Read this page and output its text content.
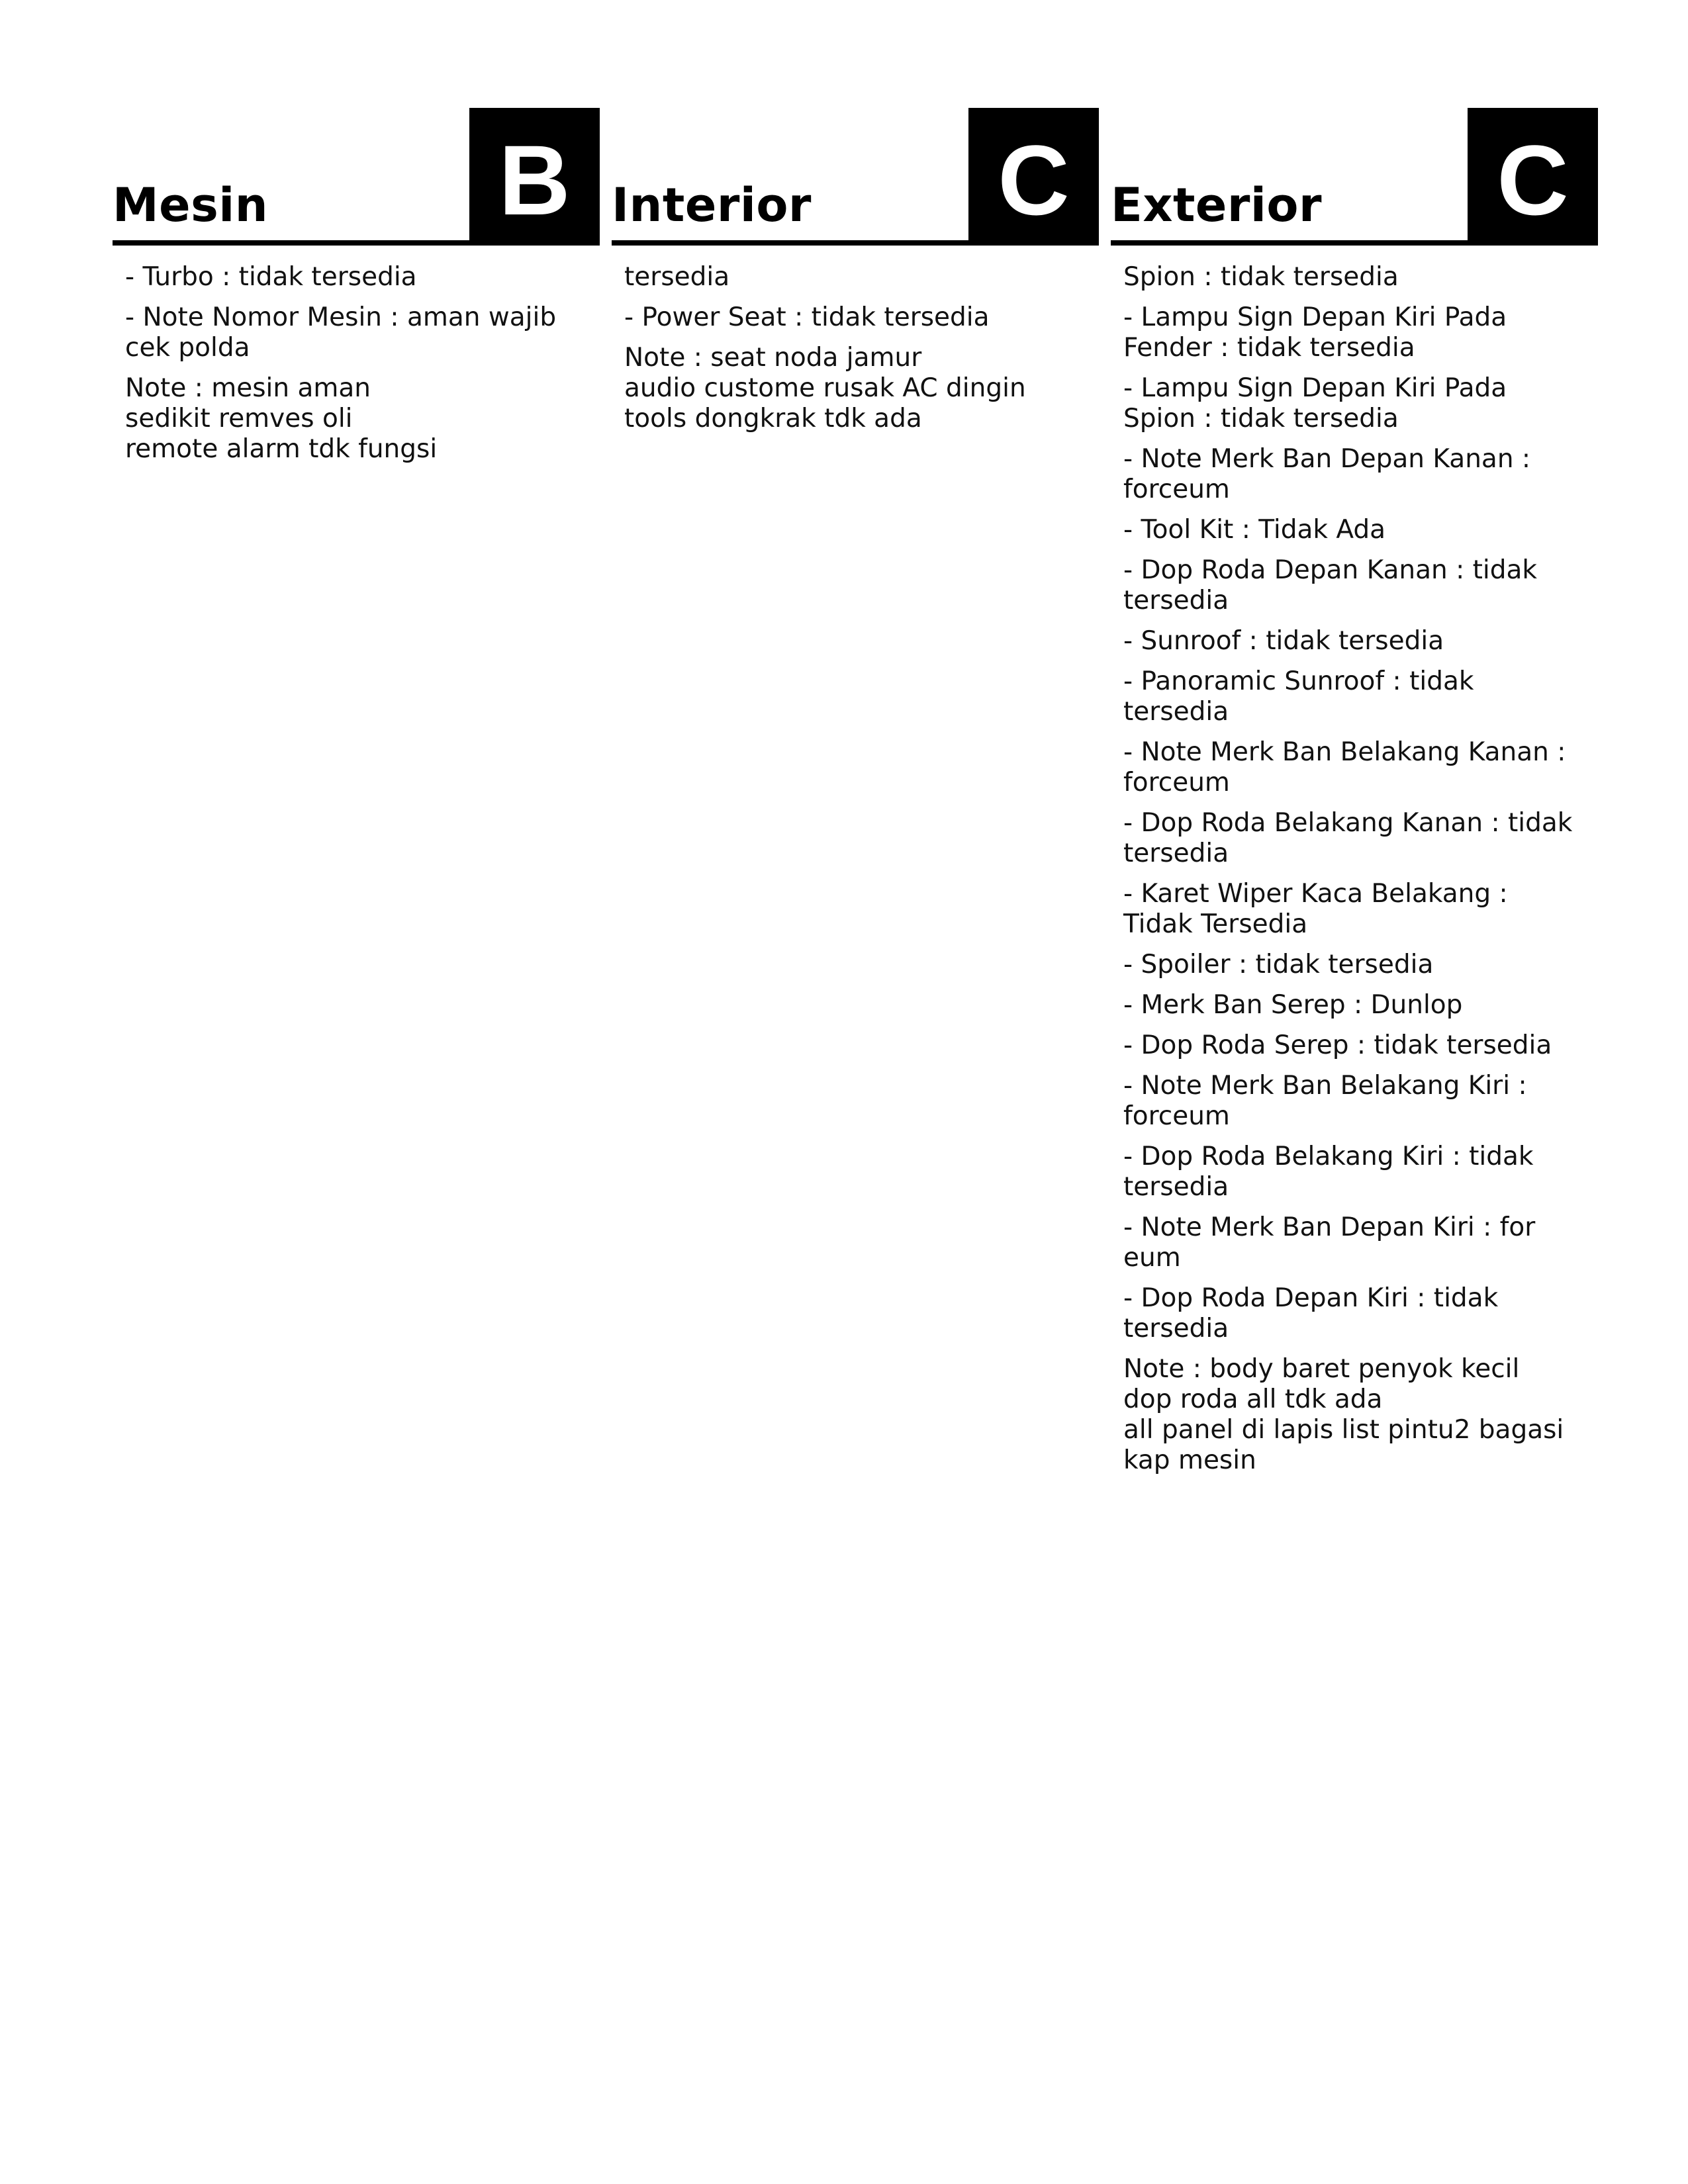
Mesin B
- Turbo : tidak tersedia
- Note Nomor Mesin : aman wajib cek polda
Note : mesin aman
sedikit remves oli
remote alarm tdk fungsi
Interior C
tersedia
- Power Seat : tidak tersedia
Note : seat noda jamur
audio custome rusak AC dingin
tools dongkrak tdk ada
Exterior C
Spion : tidak tersedia
- Lampu Sign Depan Kiri Pada Fender : tidak tersedia
- Lampu Sign Depan Kiri Pada Spion : tidak tersedia
- Note Merk Ban Depan Kanan : forceum
- Tool Kit : Tidak Ada
- Dop Roda Depan Kanan : tidak tersedia
- Sunroof : tidak tersedia
- Panoramic Sunroof : tidak tersedia
- Note Merk Ban Belakang Kanan : forceum
- Dop Roda Belakang Kanan : tidak tersedia
- Karet Wiper Kaca Belakang : Tidak Tersedia
- Spoiler : tidak tersedia
- Merk Ban Serep : Dunlop
- Dop Roda Serep : tidak tersedia
- Note Merk Ban Belakang Kiri : forceum
- Dop Roda Belakang Kiri : tidak tersedia
- Note Merk Ban Depan Kiri : for eum
- Dop Roda Depan Kiri : tidak tersedia
Note : body baret penyok kecil
dop roda all tdk ada
all panel di lapis list pintu2 bagasi
kap mesin
